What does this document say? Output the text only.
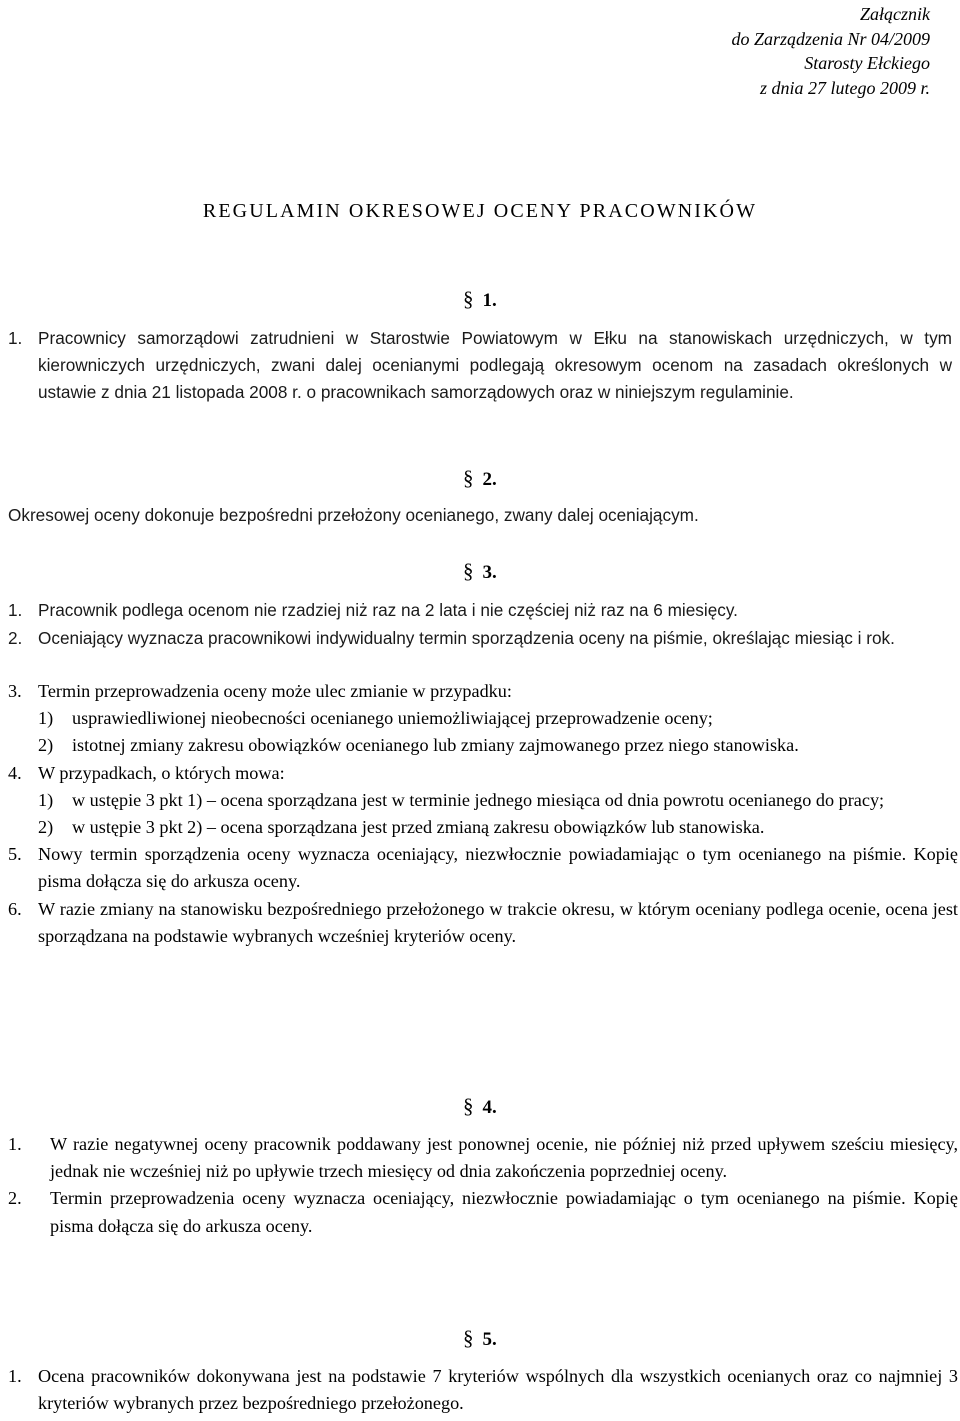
Załącznik
do Zarządzenia Nr 04/2009
Starosty Ełckiego
z dnia 27 lutego 2009 r.
REGULAMIN OKRESOWEJ OCENY PRACOWNIKÓW
§ 1.
1. Pracownicy samorządowi zatrudnieni w Starostwie Powiatowym w Ełku na stanowiskach urzędniczych, w tym kierowniczych urzędniczych, zwani dalej ocenianymi podlegają okresowym ocenom na zasadach określonych w ustawie z dnia 21 listopada 2008 r. o pracownikach samorządowych oraz w niniejszym regulaminie.
§ 2.
Okresowej oceny dokonuje bezpośredni przełożony ocenianego, zwany dalej oceniającym.
§ 3.
1. Pracownik podlega ocenom nie rzadziej niż raz na 2 lata i nie częściej niż raz na 6 miesięcy.
2. Oceniający wyznacza pracownikowi indywidualny termin sporządzenia oceny na piśmie, określając miesiąc i rok.
3. Termin przeprowadzenia oceny może ulec zmianie w przypadku:
1) usprawiedliwionej nieobecności ocenianego uniemożliwiającej przeprowadzenie oceny;
2) istotnej zmiany zakresu obowiązków ocenianego lub zmiany zajmowanego przez niego stanowiska.
4. W przypadkach, o których mowa:
1) w ustępie 3 pkt 1) – ocena sporządzana jest w terminie jednego miesiąca od dnia powrotu ocenianego do pracy;
2) w ustępie 3 pkt 2) – ocena sporządzana jest przed zmianą zakresu obowiązków lub stanowiska.
5. Nowy termin sporządzenia oceny wyznacza oceniający, niezwłocznie powiadamiając o tym ocenianego na piśmie. Kopię pisma dołącza się do arkusza oceny.
6. W razie zmiany na stanowisku bezpośredniego przełożonego w trakcie okresu, w którym oceniany podlega ocenie, ocena jest sporządzana na podstawie wybranych wcześniej kryteriów oceny.
§ 4.
1. W razie negatywnej oceny pracownik poddawany jest ponownej ocenie, nie później niż przed upływem sześciu miesięcy, jednak nie wcześniej niż po upływie trzech miesięcy od dnia zakończenia poprzedniej oceny.
2. Termin przeprowadzenia oceny wyznacza oceniający, niezwłocznie powiadamiając o tym ocenianego na piśmie. Kopię pisma dołącza się do arkusza oceny.
§ 5.
1. Ocena pracowników dokonywana jest na podstawie 7 kryteriów wspólnych dla wszystkich ocenianych oraz co najmniej 3 kryteriów wybranych przez bezpośredniego przełożonego.
